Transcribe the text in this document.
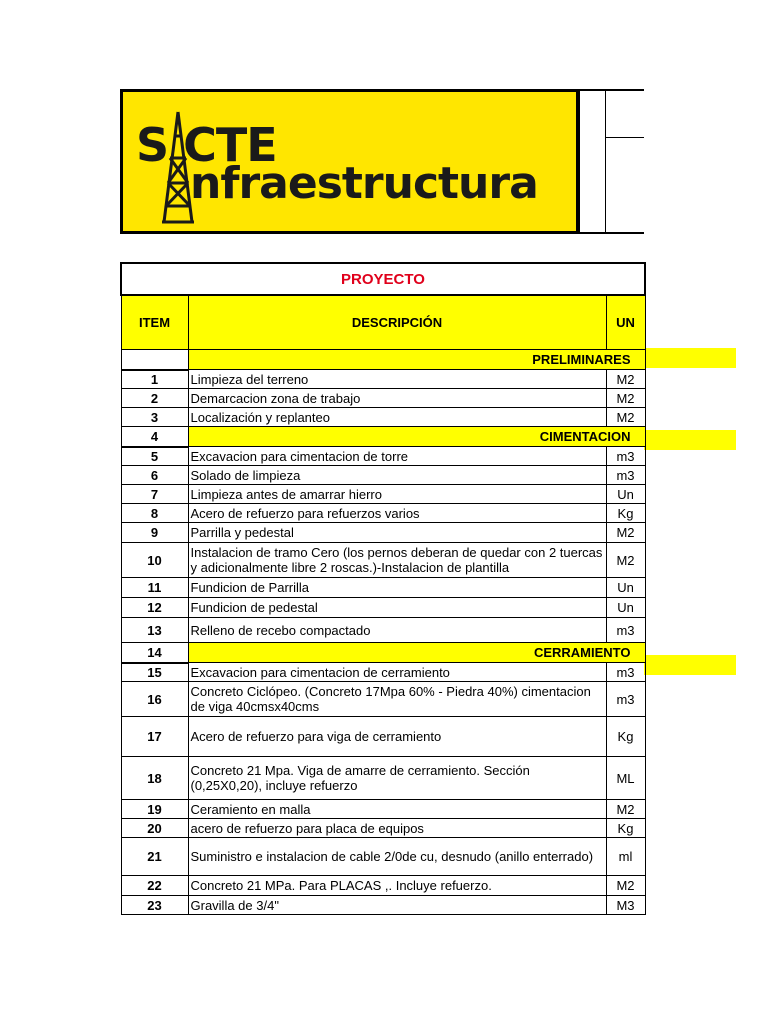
S CTE
nfraestructura
PROYECTO		
ITEM	DESCRIPCIÓN	UN
	PRELIMINARES	
1	Limpieza del terreno	M2
2	Demarcacion zona de trabajo	M2
3	Localización y replanteo	M2
4	CIMENTACION	
5	Excavacion para cimentacion de torre	m3
6	Solado de limpieza	m3
7	Limpieza antes de amarrar hierro	Un
8	Acero de refuerzo para refuerzos varios	Kg
9	Parrilla y pedestal	M2
10	Instalacion de tramo Cero (los pernos deberan de quedar con 2 tuercas y adicionalmente libre 2 roscas.)-Instalacion de plantilla	M2
11	Fundicion de Parrilla	Un
12	Fundicion de pedestal	Un
13	Relleno de recebo compactado	m3
14	CERRAMIENTO	
15	Excavacion para cimentacion de cerramiento	m3
16	Concreto Ciclópeo. (Concreto 17Mpa 60% - Piedra 40%) cimentacion de viga 40cmsx40cms	m3
17	Acero de refuerzo para viga de cerramiento	Kg
18	Concreto 21 Mpa. Viga de amarre de cerramiento. Sección (0,25X0,20), incluye refuerzo	ML
19	Ceramiento en malla	M2
20	acero de refuerzo para placa de equipos	Kg
21	Suministro e instalacion de cable 2/0de cu, desnudo (anillo enterrado)	ml
22	Concreto 21 MPa. Para PLACAS ,. Incluye refuerzo.	M2
23	Gravilla de 3/4"	M3
